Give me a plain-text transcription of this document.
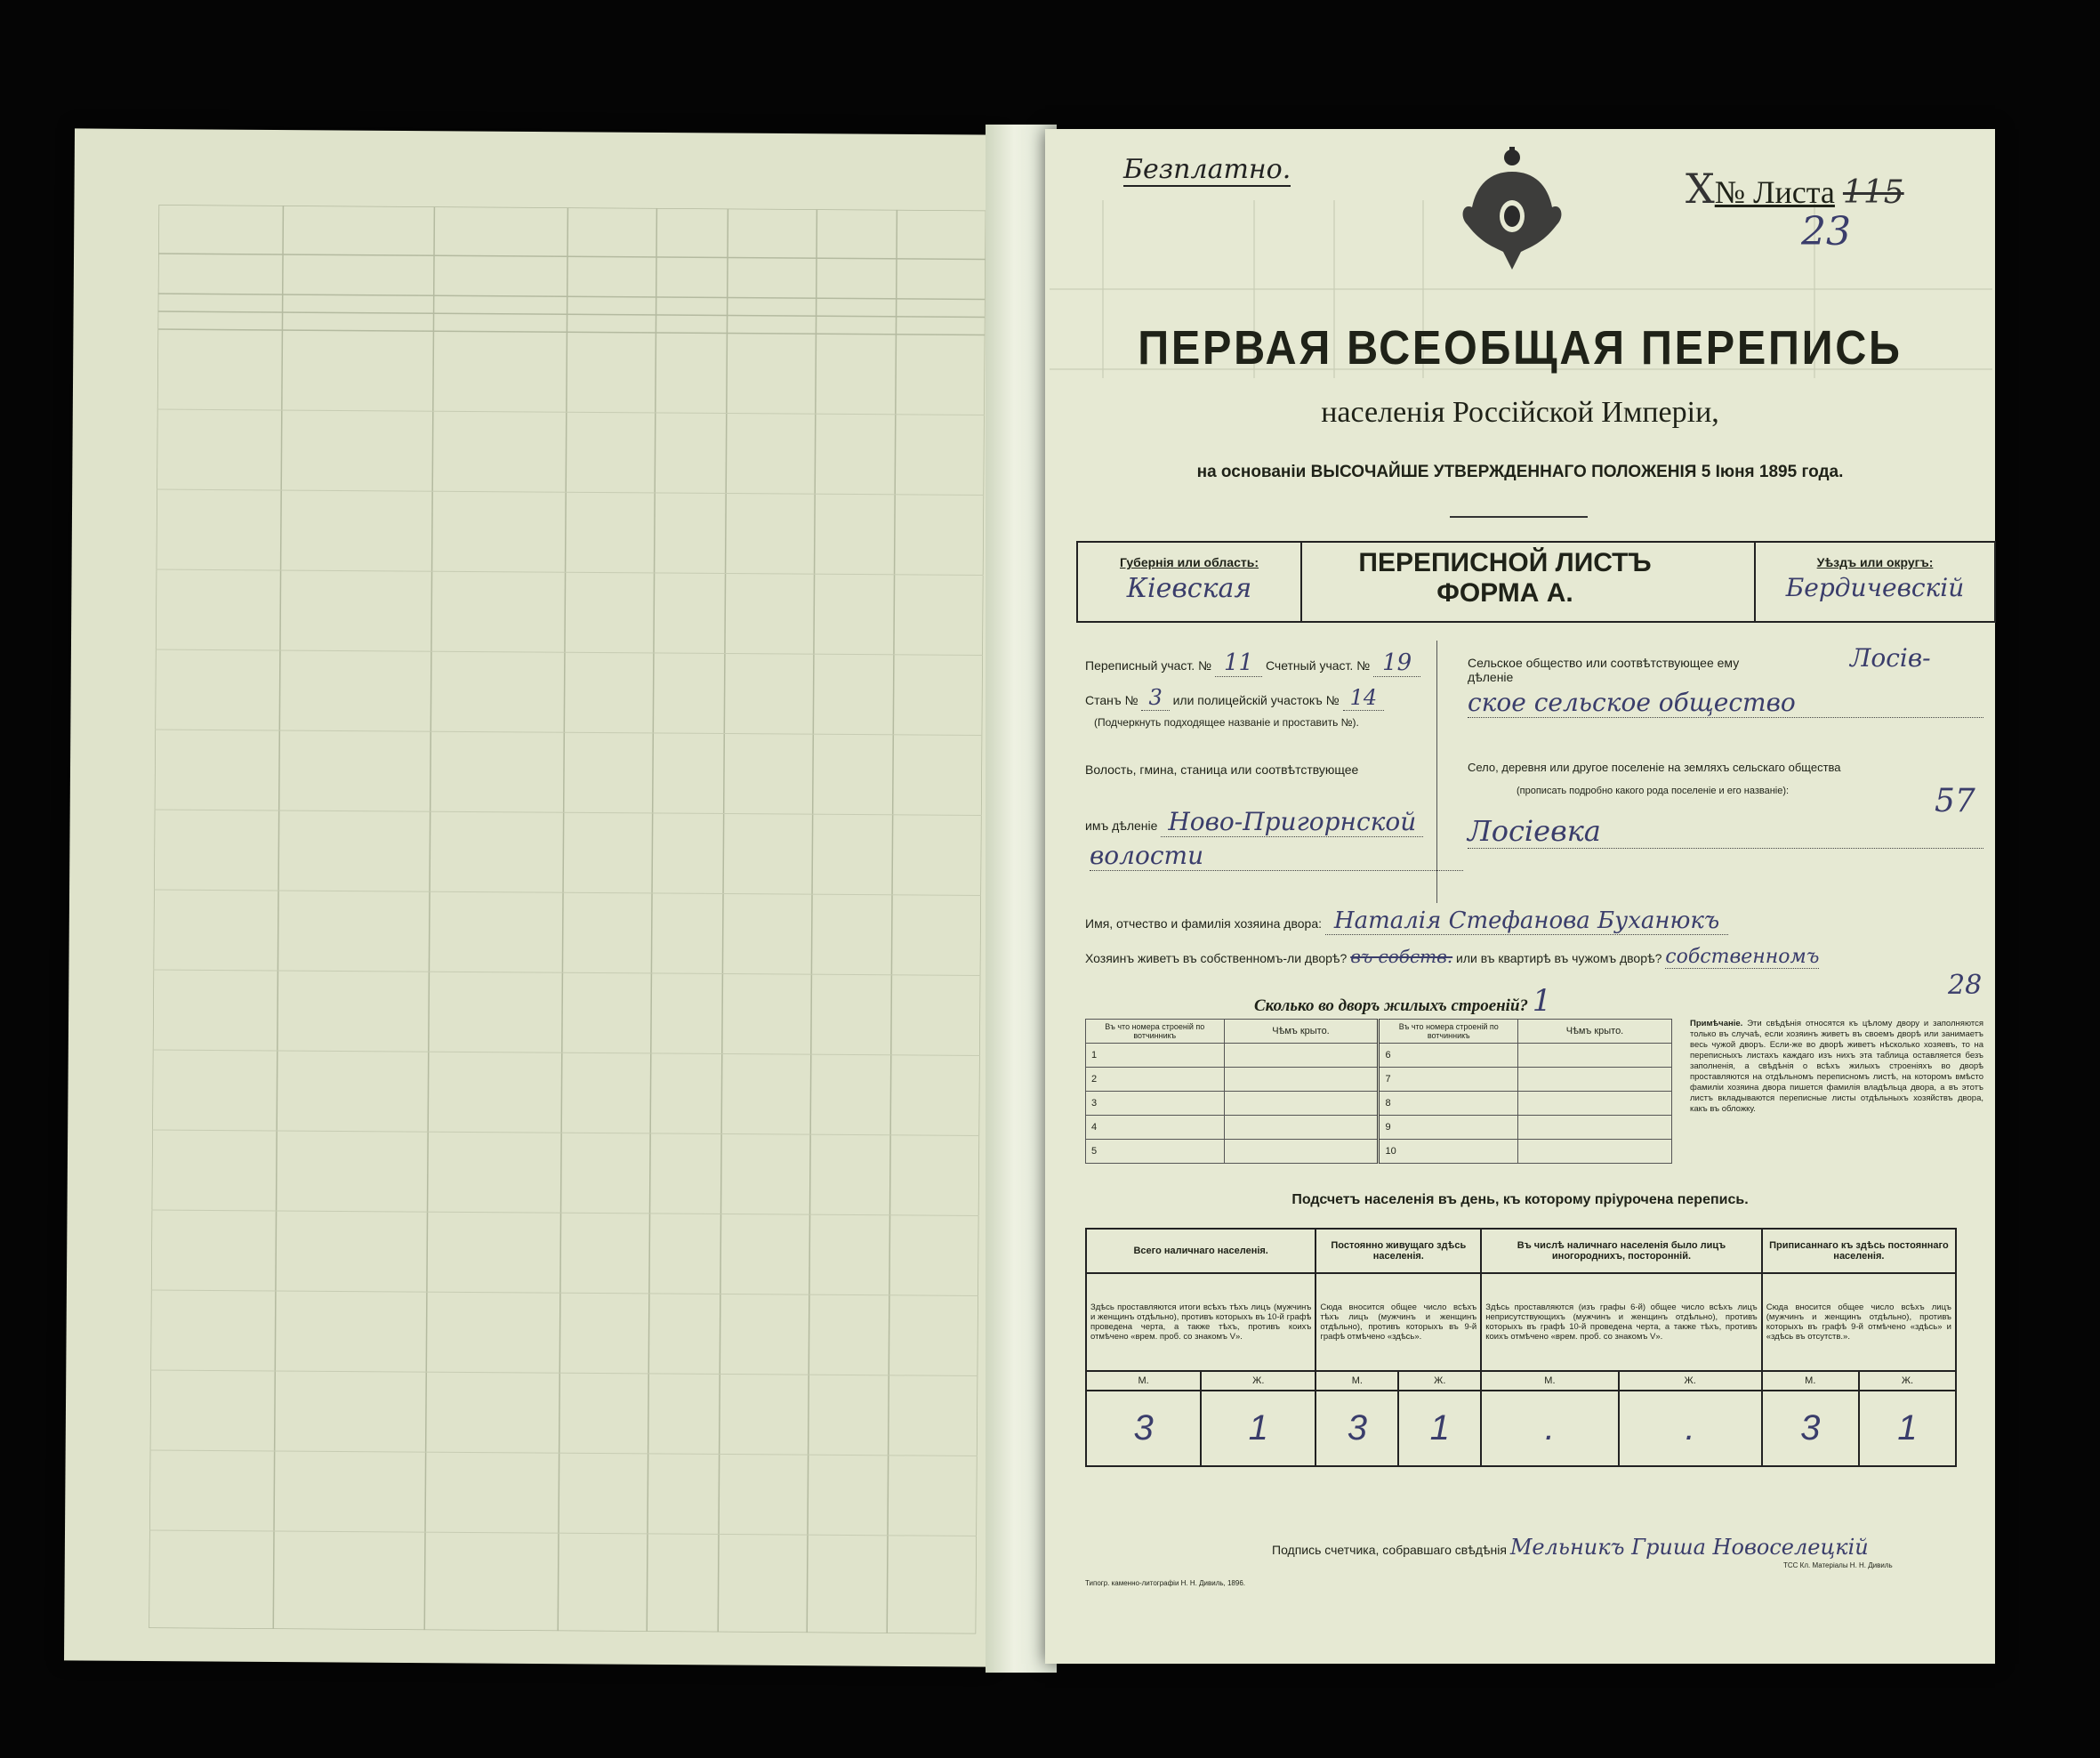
Безплатно.	X№ Листа 115
23
ПЕРВАЯ ВСЕОБЩАЯ ПЕРЕПИСЬ
населенія Россійской Имперіи,
на основаніи ВЫСОЧАЙШЕ УТВЕРЖДЕННАГО ПОЛОЖЕНІЯ 5 Іюня 1895 года.
Губернія или область:
Кіевская
ПЕРЕПИСНОЙ ЛИСТЪ
ФОРМА А.
Уѣздъ или округъ:
Бердичевскій
Переписный участ. № 11 Счетный участ. № 19
Станъ № 3 или полицейскій участокъ № 14
(Подчеркнуть подходящее названіе и проставить №).
Волость, гмина, станица или соотвѣтствующее
имъ дѣленіе Ново-Пригорнской
волости
Сельское общество или соотвѣтствующее ему дѣленіе
Лосів-
ское сельское общество
Село, деревня или другое поселеніе на земляхъ сельскаго общества
(прописать подробно какого рода поселеніе и его названіе):
Лосіевка
57
Имя, отчество и фамилія хозяина двора: Наталія Стефанова Буханюкъ
Хозяинъ живетъ въ собственномъ-ли дворѣ? въ собств. или въ квартирѣ въ чужомъ дворѣ? собственномъ
Сколько во дворъ жилыхъ строеній? 1	28
Въ что номера строеній по вотчинникъ	Чѣмъ крыто.	Въ что номера строеній по вотчинникъ	Чѣмъ крыто.
1		6	
2		7	
3		8	
4		9	
5		10	
Примѣчаніе. Эти свѣдѣнія относятся къ цѣлому двору и заполняются только въ случаѣ, если хозяинъ живетъ въ своемъ дворѣ или занимаетъ весь чужой дворъ. Если-же во дворѣ живетъ нѣсколько хозяевъ, то на переписныхъ листахъ каждаго изъ нихъ эта таблица оставляется безъ заполненія, а свѣдѣнія о всѣхъ жилыхъ строеніяхъ во дворѣ проставляются на отдѣльномъ переписномъ листѣ, на которомъ вмѣсто фамиліи хозяина двора пишется фамилія владѣльца двора, а въ этотъ листъ вкладываются переписные листы отдѣльныхъ хозяйствъ двора, какъ въ обложку.
Подсчетъ населенія въ день, къ которому пріурочена перепись.
Всего наличнаго населенія.		Постоянно живущаго здѣсь населенія.		Въ числѣ наличнаго населенія было лицъ иногороднихъ, посторонній.		Приписаннаго къ здѣсь постояннаго населенія.	
Здѣсь проставляются итоги всѣхъ тѣхъ лицъ (мужчинъ и женщинъ отдѣльно), противъ которыхъ въ 10-й графѣ проведена черта, а также тѣхъ, противъ коихъ отмѣчено «врем. проб. со знакомъ V».		Сюда вносится общее число всѣхъ тѣхъ лицъ (мужчинъ и женщинъ отдѣльно), противъ которыхъ въ 9-й графѣ отмѣчено «здѣсь».		Здѣсь проставляются (изъ графы 6-й) общее число всѣхъ лицъ неприсутствующихъ (мужчинъ и женщинъ отдѣльно), противъ которыхъ въ графѣ 10-й проведена черта, а также тѣхъ, противъ коихъ отмѣчено «врем. проб. со знакомъ V».		Сюда вносится общее число всѣхъ лицъ (мужчинъ и женщинъ отдѣльно), противъ которыхъ въ графѣ 9-й отмѣчено «здѣсь» и «здѣсь въ отсутств.».	
М.	Ж.	М.	Ж.	М.	Ж.	М.	Ж.
3	1	3	1	.	.	3	1
Подпись счетчика, собравшаго свѣдѣнія Мельникъ Гриша Новоселецкій
Типогр. каменно-литографіи Н. Н. Дивиль, 1896.
ТСС Кл. Матеріалы Н. Н. Дивиль
